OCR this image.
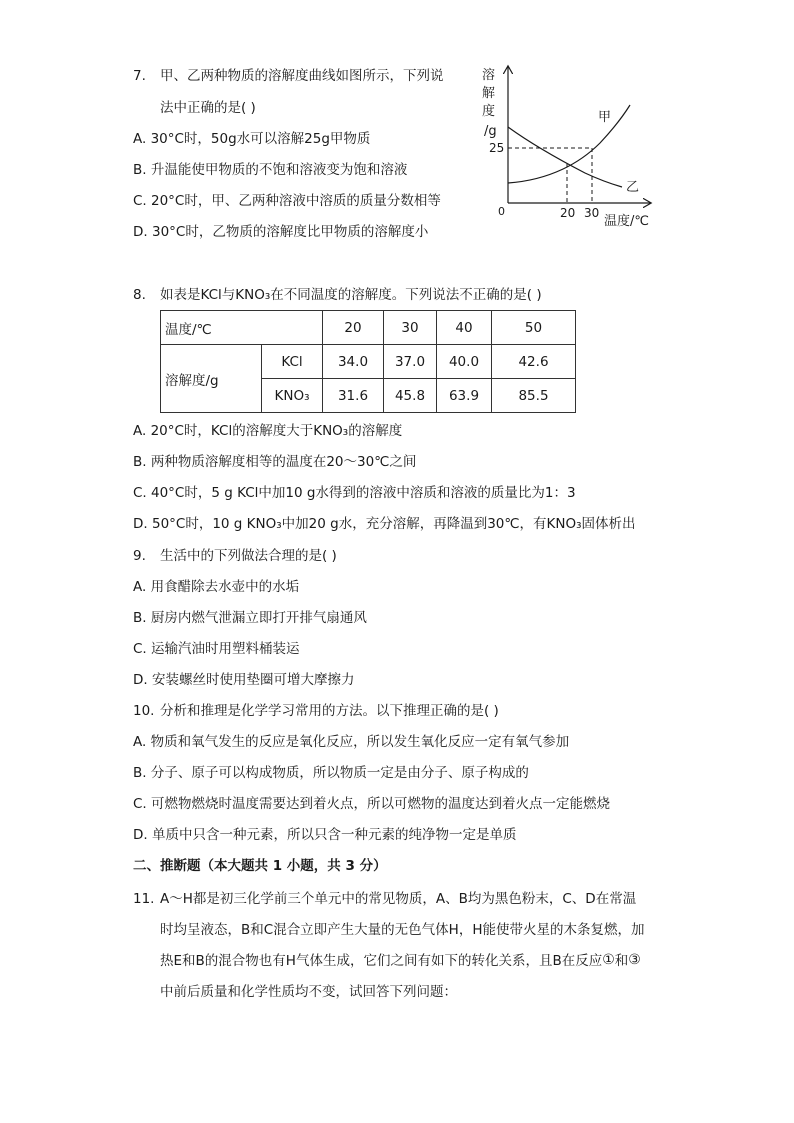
7. 甲、乙两种物质的溶解度曲线如图所示，下列说
法中正确的是( )
A. 30°C时，50g水可以溶解25g甲物质
B. 升温能使甲物质的不饱和溶液变为饱和溶液
C. 20°C时，甲、乙两种溶液中溶质的质量分数相等
D. 30°C时，乙物质的溶解度比甲物质的溶解度小
溶
解
度
/g
25
0	20 30
温度/℃
甲
乙
8. 如表是KCl与KNO₃在不同温度的溶解度。下列说法不正确的是( )
温度/℃		20	30	40	50
溶解度/g	KCl	34.0	37.0	40.0	42.6
	KNO₃	31.6	45.8	63.9	85.5
A. 20°C时，KCl的溶解度大于KNO₃的溶解度
B. 两种物质溶解度相等的温度在20～30℃之间
C. 40°C时，5 g KCl中加10 g水得到的溶液中溶质和溶液的质量比为1：3
D. 50°C时，10 g KNO₃中加20 g水，充分溶解，再降温到30℃，有KNO₃固体析出
9. 生活中的下列做法合理的是( )
A. 用食醋除去水壶中的水垢
B. 厨房内燃气泄漏立即打开排气扇通风
C. 运输汽油时用塑料桶装运
D. 安装螺丝时使用垫圈可增大摩擦力
10. 分析和推理是化学学习常用的方法。以下推理正确的是( )
A. 物质和氧气发生的反应是氧化反应，所以发生氧化反应一定有氧气参加
B. 分子、原子可以构成物质，所以物质一定是由分子、原子构成的
C. 可燃物燃烧时温度需要达到着火点，所以可燃物的温度达到着火点一定能燃烧
D. 单质中只含一种元素，所以只含一种元素的纯净物一定是单质
二、推断题（本大题共 1 小题，共 3 分）
11. A～H都是初三化学前三个单元中的常见物质，A、B均为黑色粉末，C、D在常温
时均呈液态，B和C混合立即产生大量的无色气体H，H能使带火星的木条复燃，加
热E和B的混合物也有H气体生成，它们之间有如下的转化关系，且B在反应①和③
中前后质量和化学性质均不变，试回答下列问题：
